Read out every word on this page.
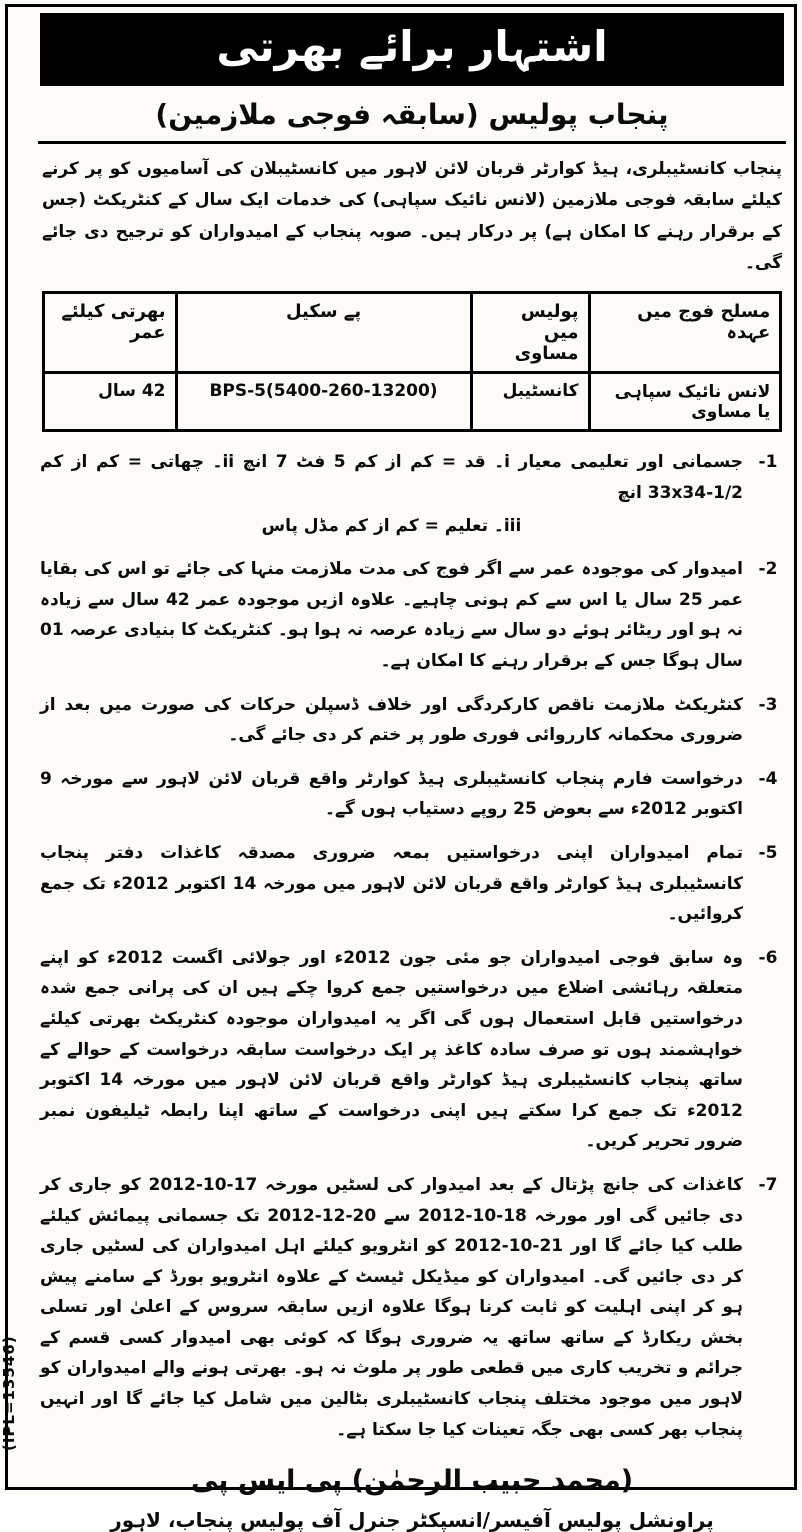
اشتہار برائے بھرتی
پنجاب پولیس (سابقہ فوجی ملازمین)
پنجاب کانسٹیبلری، ہیڈ کوارٹر قربان لائن لاہور میں کانسٹیبلان کی آسامیوں کو پر کرنے کیلئے سابقہ فوجی ملازمین (لانس نائیک سپاہی) کی خدمات ایک سال کے کنٹریکٹ (جس کے برقرار رہنے کا امکان ہے) پر درکار ہیں۔ صوبہ پنجاب کے امیدواران کو ترجیح دی جائے گی۔
مسلح فوج میں عہدہ	پولیس میں مساوی	پے سکیل	بھرتی کیلئے عمر
لانس نائیک سپاہی یا مساوی	کانسٹیبل	BPS-5(5400-260-13200)	42 سال
-1
جسمانی اور تعلیمی معیار i۔ قد = کم از کم 5 فٹ 7 انچ ii۔ چھاتی = کم از کم 33x34-1/2 انچ
iii۔ تعلیم = کم از کم مڈل پاس
-2
امیدوار کی موجودہ عمر سے اگر فوج کی مدت ملازمت منہا کی جائے تو اس کی بقایا عمر 25 سال یا اس سے کم ہونی چاہیے۔ علاوہ ازیں موجودہ عمر 42 سال سے زیادہ نہ ہو اور ریٹائر ہوئے دو سال سے زیادہ عرصہ نہ ہوا ہو۔ کنٹریکٹ کا بنیادی عرصہ 01 سال ہوگا جس کے برقرار رہنے کا امکان ہے۔
-3
کنٹریکٹ ملازمت ناقص کارکردگی اور خلاف ڈسپلن حرکات کی صورت میں بعد از ضروری محکمانہ کارروائی فوری طور پر ختم کر دی جائے گی۔
-4
درخواست فارم پنجاب کانسٹیبلری ہیڈ کوارٹر واقع قربان لائن لاہور سے مورخہ 9 اکتوبر 2012ء سے بعوض 25 روپے دستیاب ہوں گے۔
-5
تمام امیدواران اپنی درخواستیں بمعہ ضروری مصدقہ کاغذات دفتر پنجاب کانسٹیبلری ہیڈ کوارٹر واقع قربان لائن لاہور میں مورخہ 14 اکتوبر 2012ء تک جمع کروائیں۔
-6
وہ سابق فوجی امیدواران جو مئی جون 2012ء اور جولائی اگست 2012ء کو اپنے متعلقہ رہائشی اضلاع میں درخواستیں جمع کروا چکے ہیں ان کی پرانی جمع شدہ درخواستیں قابل استعمال ہوں گی اگر یہ امیدواران موجودہ کنٹریکٹ بھرتی کیلئے خواہشمند ہوں تو صرف سادہ کاغذ پر ایک درخواست سابقہ درخواست کے حوالے کے ساتھ پنجاب کانسٹیبلری ہیڈ کوارٹر واقع قربان لائن لاہور میں مورخہ 14 اکتوبر 2012ء تک جمع کرا سکتے ہیں اپنی درخواست کے ساتھ اپنا رابطہ ٹیلیفون نمبر ضرور تحریر کریں۔
-7
کاغذات کی جانچ پڑتال کے بعد امیدوار کی لسٹیں مورخہ 17-10-2012 کو جاری کر دی جائیں گی اور مورخہ 18-10-2012 سے 20-12-2012 تک جسمانی پیمائش کیلئے طلب کیا جائے گا اور 21-10-2012 کو انٹرویو کیلئے اہل امیدواران کی لسٹیں جاری کر دی جائیں گی۔ امیدواران کو میڈیکل ٹیسٹ کے علاوہ انٹرویو بورڈ کے سامنے پیش ہو کر اپنی اہلیت کو ثابت کرنا ہوگا علاوہ ازیں سابقہ سروس کے اعلیٰ اور تسلی بخش ریکارڈ کے ساتھ ساتھ یہ ضروری ہوگا کہ کوئی بھی امیدوار کسی قسم کے جرائم و تخریب کاری میں قطعی طور پر ملوث نہ ہو۔ بھرتی ہونے والے امیدواران کو لاہور میں موجود مختلف پنجاب کانسٹیبلری بٹالین میں شامل کیا جائے گا اور انہیں پنجاب بھر کسی بھی جگہ تعینات کیا جا سکتا ہے۔
(محمد حبیب الرحمٰن) پی ایس پی
پراونشل پولیس آفیسر/انسپکٹر جنرل آف پولیس پنجاب، لاہور
(IPL=13546)
